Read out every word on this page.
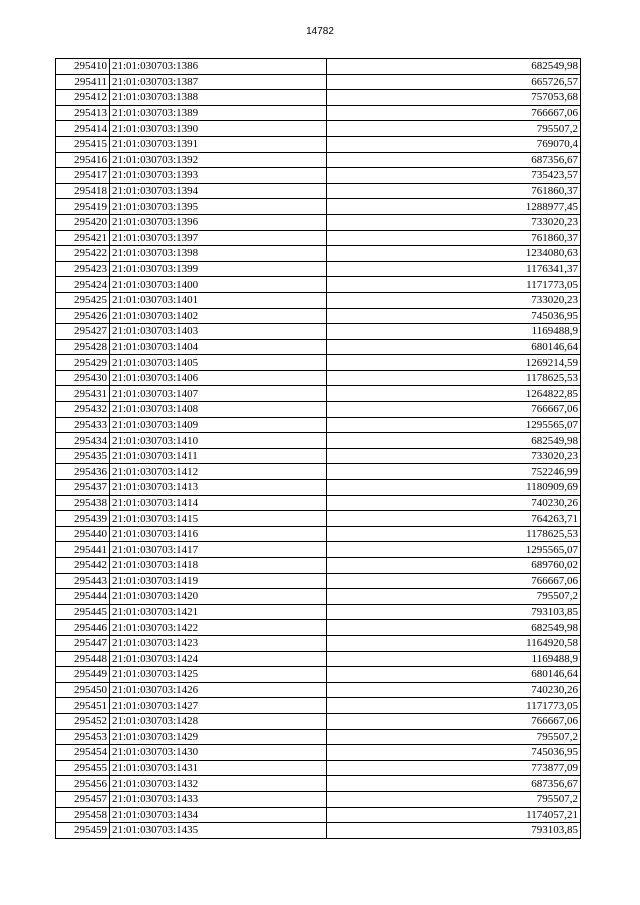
14782
295410	21:01:030703:1386	682549,98
295411	21:01:030703:1387	665726,57
295412	21:01:030703:1388	757053,68
295413	21:01:030703:1389	766667,06
295414	21:01:030703:1390	795507,2
295415	21:01:030703:1391	769070,4
295416	21:01:030703:1392	687356,67
295417	21:01:030703:1393	735423,57
295418	21:01:030703:1394	761860,37
295419	21:01:030703:1395	1288977,45
295420	21:01:030703:1396	733020,23
295421	21:01:030703:1397	761860,37
295422	21:01:030703:1398	1234080,63
295423	21:01:030703:1399	1176341,37
295424	21:01:030703:1400	1171773,05
295425	21:01:030703:1401	733020,23
295426	21:01:030703:1402	745036,95
295427	21:01:030703:1403	1169488,9
295428	21:01:030703:1404	680146,64
295429	21:01:030703:1405	1269214,59
295430	21:01:030703:1406	1178625,53
295431	21:01:030703:1407	1264822,85
295432	21:01:030703:1408	766667,06
295433	21:01:030703:1409	1295565,07
295434	21:01:030703:1410	682549,98
295435	21:01:030703:1411	733020,23
295436	21:01:030703:1412	752246,99
295437	21:01:030703:1413	1180909,69
295438	21:01:030703:1414	740230,26
295439	21:01:030703:1415	764263,71
295440	21:01:030703:1416	1178625,53
295441	21:01:030703:1417	1295565,07
295442	21:01:030703:1418	689760,02
295443	21:01:030703:1419	766667,06
295444	21:01:030703:1420	795507,2
295445	21:01:030703:1421	793103,85
295446	21:01:030703:1422	682549,98
295447	21:01:030703:1423	1164920,58
295448	21:01:030703:1424	1169488,9
295449	21:01:030703:1425	680146,64
295450	21:01:030703:1426	740230,26
295451	21:01:030703:1427	1171773,05
295452	21:01:030703:1428	766667,06
295453	21:01:030703:1429	795507,2
295454	21:01:030703:1430	745036,95
295455	21:01:030703:1431	773877,09
295456	21:01:030703:1432	687356,67
295457	21:01:030703:1433	795507,2
295458	21:01:030703:1434	1174057,21
295459	21:01:030703:1435	793103,85
